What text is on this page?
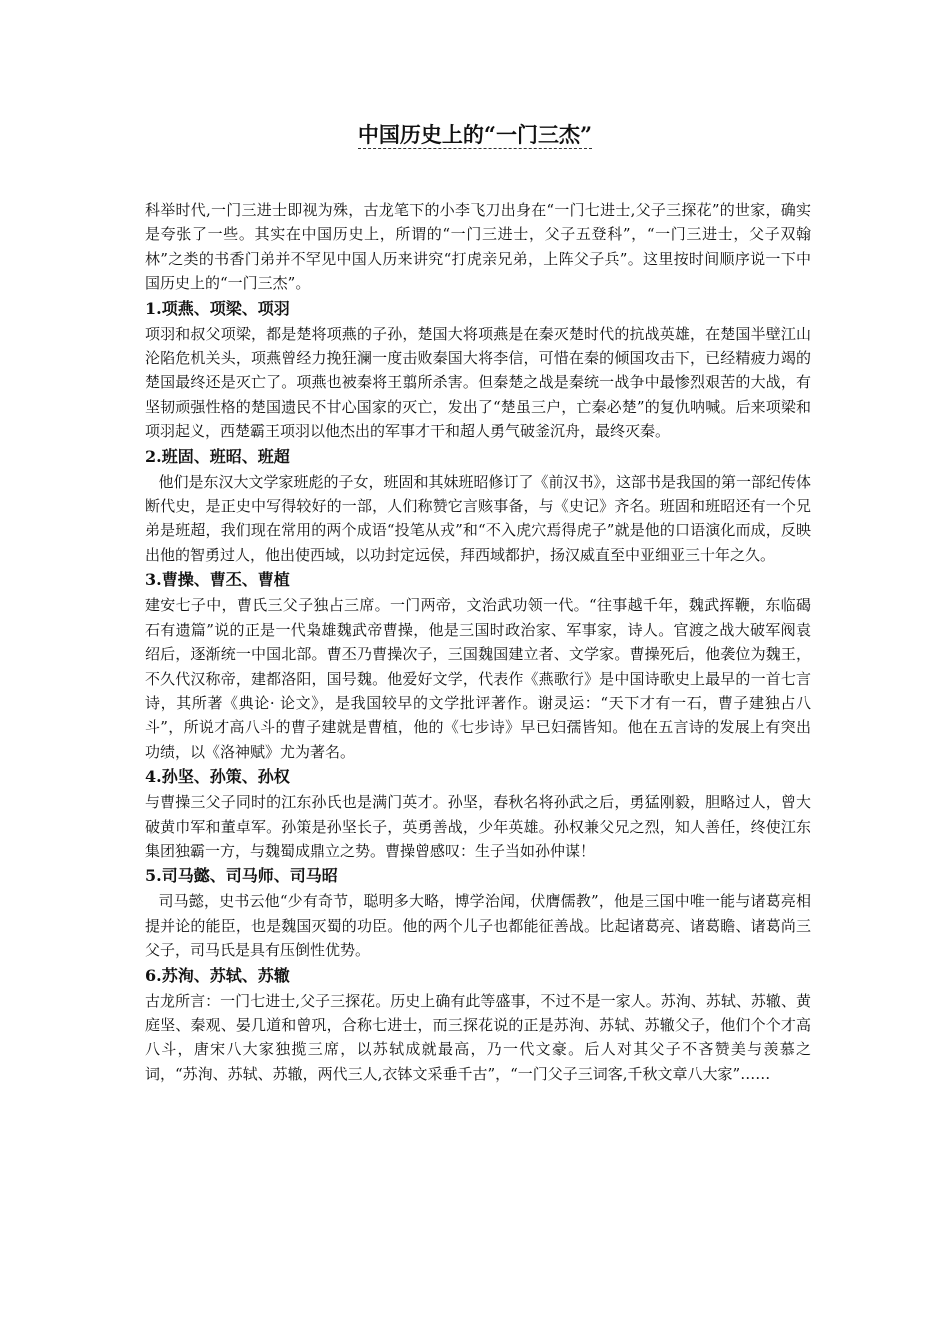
中国历史上的“一门三杰”

科举时代,一门三进士即视为殊，古龙笔下的小李飞刀出身在“一门七进士,父子三探花”的世家，确实是夸张了一些。其实在中国历史上，所谓的“一门三进士，父子五登科”，“一门三进士，父子双翰林”之类的书香门弟并不罕见中国人历来讲究“打虎亲兄弟，上阵父子兵”。这里按时间顺序说一下中国历史上的“一门三杰”。

1.项燕、项梁、项羽

项羽和叔父项梁，都是楚将项燕的子孙，楚国大将项燕是在秦灭楚时代的抗战英雄，在楚国半壁江山沦陷危机关头，项燕曾经力挽狂澜一度击败秦国大将李信，可惜在秦的倾国攻击下，已经精疲力竭的楚国最终还是灭亡了。项燕也被秦将王翦所杀害。但秦楚之战是秦统一战争中最惨烈艰苦的大战，有坚韧顽强性格的楚国遗民不甘心国家的灭亡，发出了“楚虽三户，亡秦必楚”的复仇呐喊。后来项梁和项羽起义，西楚霸王项羽以他杰出的军事才干和超人勇气破釜沉舟，最终灭秦。

2.班固、班昭、班超

他们是东汉大文学家班彪的子女，班固和其妹班昭修订了《前汉书》，这部书是我国的第一部纪传体断代史，是正史中写得较好的一部，人们称赞它言赅事备，与《史记》齐名。班固和班昭还有一个兄弟是班超，我们现在常用的两个成语“投笔从戎”和“不入虎穴焉得虎子”就是他的口语演化而成，反映出他的智勇过人，他出使西域，以功封定远侯，拜西域都护，扬汉威直至中亚细亚三十年之久。

3.曹操、曹丕、曹植

建安七子中，曹氏三父子独占三席。一门两帝，文治武功领一代。“往事越千年，魏武挥鞭，东临碣石有遗篇”说的正是一代枭雄魏武帝曹操，他是三国时政治家、军事家，诗人。官渡之战大破军阀袁绍后，逐渐统一中国北部。曹丕乃曹操次子，三国魏国建立者、文学家。曹操死后，他袭位为魏王，不久代汉称帝，建都洛阳，国号魏。他爱好文学，代表作《燕歌行》是中国诗歌史上最早的一首七言诗，其所著《典论· 论文》，是我国较早的文学批评著作。谢灵运：“天下才有一石，曹子建独占八斗”，所说才高八斗的曹子建就是曹植，他的《七步诗》早已妇孺皆知。他在五言诗的发展上有突出功绩，以《洛神赋》尤为著名。

4.孙坚、孙策、孙权

与曹操三父子同时的江东孙氏也是满门英才。孙坚，春秋名将孙武之后，勇猛刚毅，胆略过人，曾大破黄巾军和董卓军。孙策是孙坚长子，英勇善战，少年英雄。孙权兼父兄之烈，知人善任，终使江东集团独霸一方，与魏蜀成鼎立之势。曹操曾感叹：生子当如孙仲谋！

5.司马懿、司马师、司马昭

司马懿，史书云他“少有奇节，聪明多大略，博学治闻，伏膺儒教”，他是三国中唯一能与诸葛亮相提并论的能臣，也是魏国灭蜀的功臣。他的两个儿子也都能征善战。比起诸葛亮、诸葛瞻、诸葛尚三父子，司马氏是具有压倒性优势。

6.苏洵、苏轼、苏辙

古龙所言：一门七进士,父子三探花。历史上确有此等盛事，不过不是一家人。苏洵、苏轼、苏辙、黄庭坚、秦观、晏几道和曾巩，合称七进士，而三探花说的正是苏洵、苏轼、苏辙父子，他们个个才高八斗，唐宋八大家独揽三席，以苏轼成就最高，乃一代文豪。后人对其父子不吝赞美与羡慕之词，“苏洵、苏轼、苏辙，两代三人,衣钵文采垂千古”，“一门父子三词客,千秋文章八大家”……
